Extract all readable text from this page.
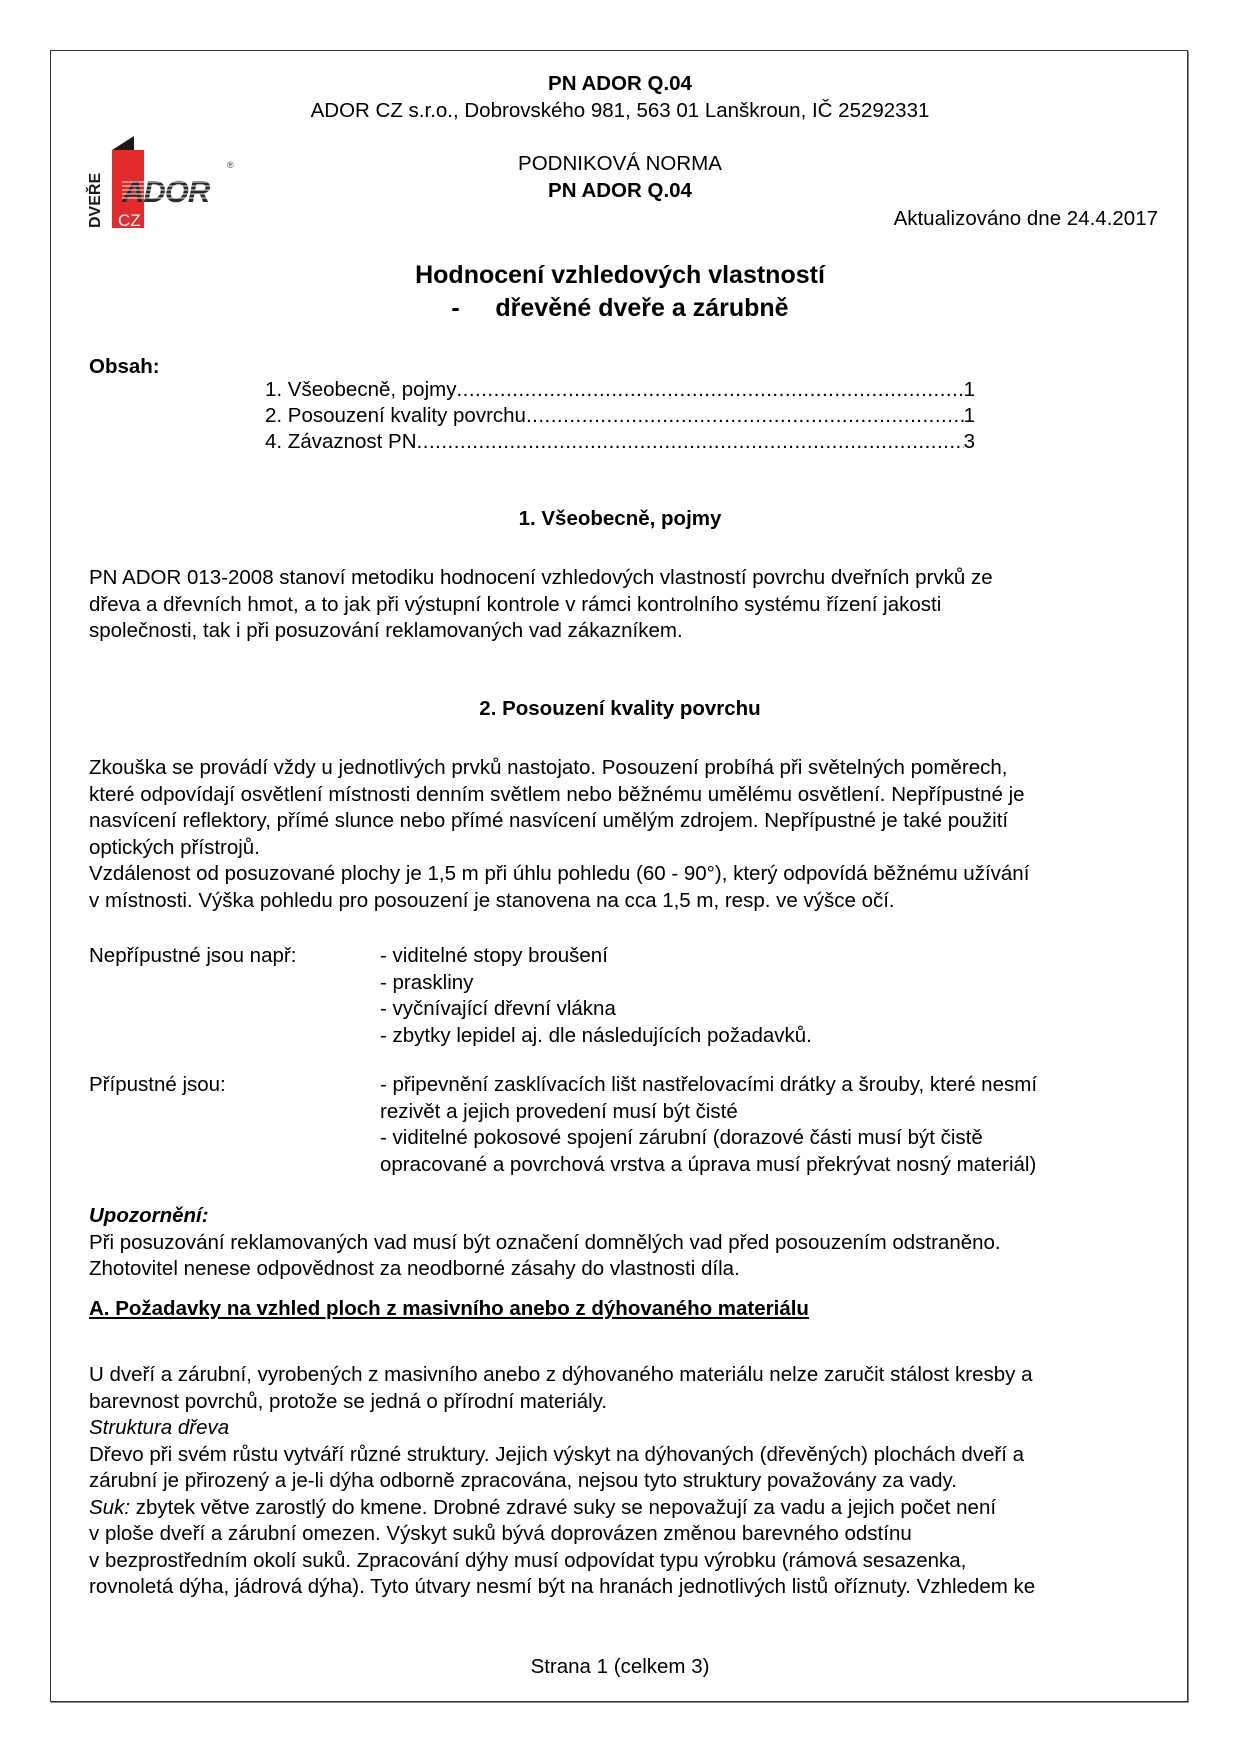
DVEŘE ADOR
CZ
®
PN ADOR Q.04
ADOR CZ s.r.o., Dobrovského 981, 563 01 Lanškroun, IČ 25292331
PODNIKOVÁ NORMA
PN ADOR Q.04
Aktualizováno dne 24.4.2017
Hodnocení vzhledových vlastností
- dřevěné dveře a zárubně
Obsah:
1. Všeobecně, pojmy .....	1
2. Posouzení kvality povrchu .....	1
4. Závaznost PN .....	3
1. Všeobecně, pojmy
PN ADOR 013-2008 stanoví metodiku hodnocení vzhledových vlastností povrchu dveřních prvků ze
dřeva a dřevních hmot, a to jak při výstupní kontrole v rámci kontrolního systému řízení jakosti
společnosti, tak i při posuzování reklamovaných vad zákazníkem.
2. Posouzení kvality povrchu
Zkouška se provádí vždy u jednotlivých prvků nastojato. Posouzení probíhá při světelných poměrech,
které odpovídají osvětlení místnosti denním světlem nebo běžnému umělému osvětlení. Nepřípustné je
nasvícení reflektory, přímé slunce nebo přímé nasvícení umělým zdrojem. Nepřípustné je také použití
optických přístrojů.
Vzdálenost od posuzované plochy je 1,5 m při úhlu pohledu (60 - 90°), který odpovídá běžnému užívání
v místnosti. Výška pohledu pro posouzení je stanovena na cca 1,5 m, resp. ve výšce očí.
Nepřípustné jsou např:	- viditelné stopy broušení
- praskliny
- vyčnívající dřevní vlákna
- zbytky lepidel aj. dle následujících požadavků.
Přípustné jsou:	- připevnění zasklívacích lišt nastřelovacími drátky a šrouby, které nesmí
rezivět a jejich provedení musí být čisté
- viditelné pokosové spojení zárubní (dorazové části musí být čistě
opracované a povrchová vrstva a úprava musí překrývat nosný materiál)
Upozornění:
Při posuzování reklamovaných vad musí být označení domnělých vad před posouzením odstraněno.
Zhotovitel nenese odpovědnost za neodborné zásahy do vlastnosti díla.
A. Požadavky na vzhled ploch z masivního anebo z dýhovaného materiálu
U dveří a zárubní, vyrobených z masivního anebo z dýhovaného materiálu nelze zaručit stálost kresby a
barevnost povrchů, protože se jedná o přírodní materiály.
Struktura dřeva
Dřevo při svém růstu vytváří různé struktury. Jejich výskyt na dýhovaných (dřevěných) plochách dveří a
zárubní je přirozený a je-li dýha odborně zpracována, nejsou tyto struktury považovány za vady.
Suk: zbytek větve zarostlý do kmene. Drobné zdravé suky se nepovažují za vadu a jejich počet není
v ploše dveří a zárubní omezen. Výskyt suků bývá doprovázen změnou barevného odstínu
v bezprostředním okolí suků. Zpracování dýhy musí odpovídat typu výrobku (rámová sesazenka,
rovnoletá dýha, jádrová dýha). Tyto útvary nesmí být na hranách jednotlivých listů oříznuty. Vzhledem ke
Strana 1 (celkem 3)
